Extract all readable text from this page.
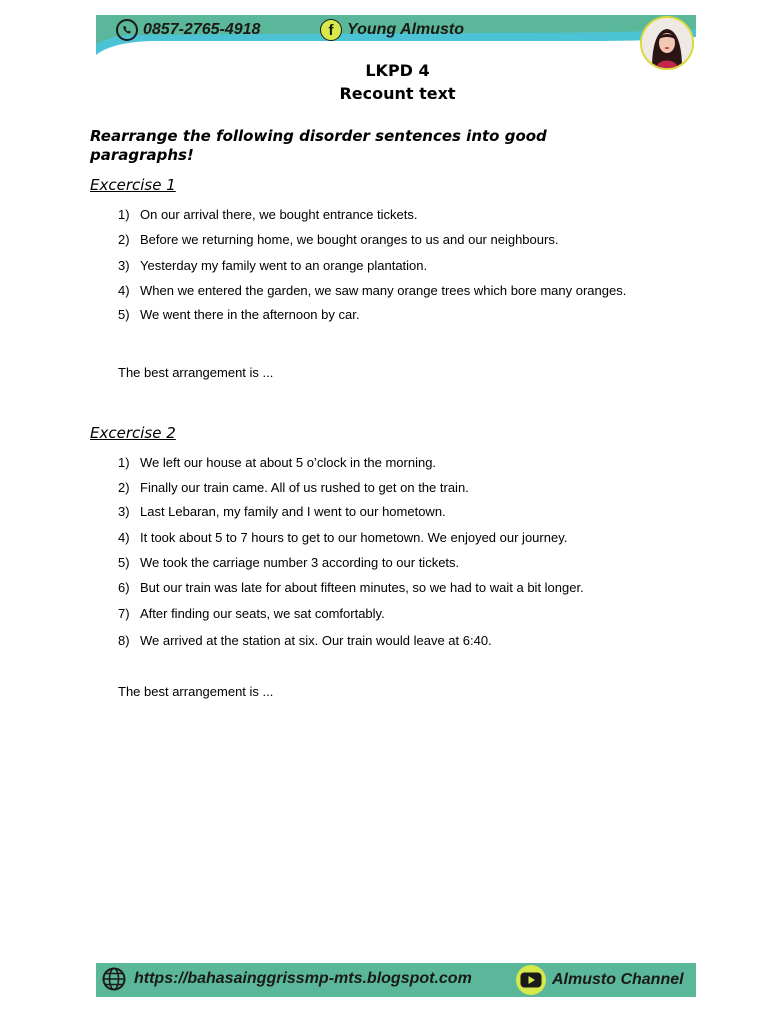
0857-2765-4918	f Young Almusto
LKPD 4
Recount text
Rearrange the following disorder sentences into good paragraphs!
Excercise 1
1) On our arrival there, we bought entrance tickets.
2) Before we returning home, we bought oranges to us and our neighbours.
3) Yesterday my family went to an orange plantation.
4) When we entered the garden, we saw many orange trees which bore many oranges.
5) We went there in the afternoon by car.
The best arrangement is ...
Excercise 2
1) We left our house at about 5 o’clock in the morning.
2) Finally our train came. All of us rushed to get on the train.
3) Last Lebaran, my family and I went to our hometown.
4) It took about 5 to 7 hours to get to our hometown. We enjoyed our journey.
5) We took the carriage number 3 according to our tickets.
6) But our train was late for about fifteen minutes, so we had to wait a bit longer.
7) After finding our seats, we sat comfortably.
8) We arrived at the station at six. Our train would leave at 6:40.
The best arrangement is ...
https://bahasainggrissmp-mts.blogspot.com	Almusto Channel
